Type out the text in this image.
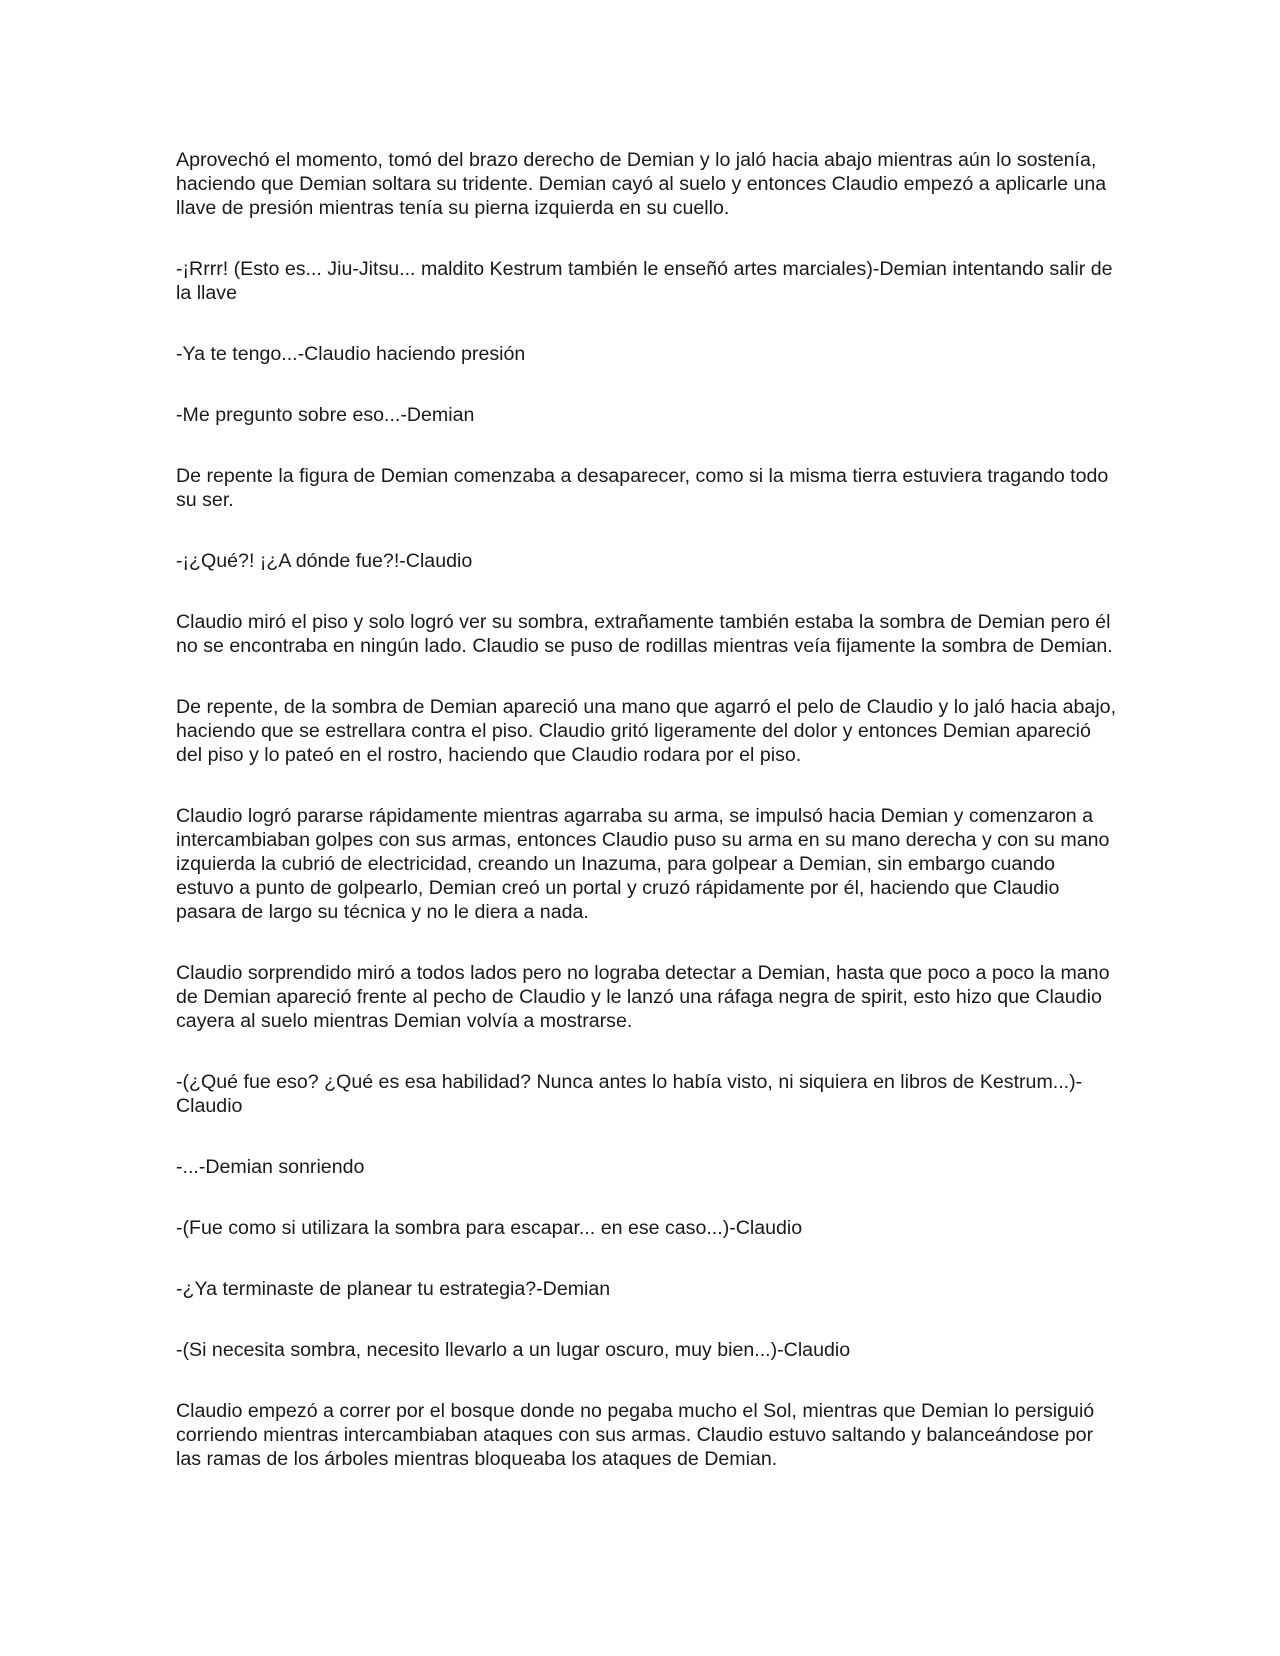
Aprovechó el momento, tomó del brazo derecho de Demian y lo jaló hacia abajo mientras aún lo sostenía, haciendo que Demian soltara su tridente. Demian cayó al suelo y entonces Claudio empezó a aplicarle una llave de presión mientras tenía su pierna izquierda en su cuello.

-¡Rrrr! (Esto es... Jiu-Jitsu... maldito Kestrum también le enseñó artes marciales)-Demian intentando salir de la llave

-Ya te tengo...-Claudio haciendo presión

-Me pregunto sobre eso...-Demian

De repente la figura de Demian comenzaba a desaparecer, como si la misma tierra estuviera tragando todo su ser.

-¡¿Qué?! ¡¿A dónde fue?!-Claudio

Claudio miró el piso y solo logró ver su sombra, extrañamente también estaba la sombra de Demian pero él no se encontraba en ningún lado. Claudio se puso de rodillas mientras veía fijamente la sombra de Demian.

De repente, de la sombra de Demian apareció una mano que agarró el pelo de Claudio y lo jaló hacia abajo, haciendo que se estrellara contra el piso. Claudio gritó ligeramente del dolor y entonces Demian apareció del piso y lo pateó en el rostro, haciendo que Claudio rodara por el piso.

Claudio logró pararse rápidamente mientras agarraba su arma, se impulsó hacia Demian y comenzaron a intercambiaban golpes con sus armas, entonces Claudio puso su arma en su mano derecha y con su mano izquierda la cubrió de electricidad, creando un Inazuma, para golpear a Demian, sin embargo cuando estuvo a punto de golpearlo, Demian creó un portal y cruzó rápidamente por él, haciendo que Claudio pasara de largo su técnica y no le diera a nada.

Claudio sorprendido miró a todos lados pero no lograba detectar a Demian, hasta que poco a poco la mano de Demian apareció frente al pecho de Claudio y le lanzó una ráfaga negra de spirit, esto hizo que Claudio cayera al suelo mientras Demian volvía a mostrarse.

-(¿Qué fue eso? ¿Qué es esa habilidad? Nunca antes lo había visto, ni siquiera en libros de Kestrum...)-Claudio

-...-Demian sonriendo

-(Fue como si utilizara la sombra para escapar... en ese caso...)-Claudio

-¿Ya terminaste de planear tu estrategia?-Demian

-(Si necesita sombra, necesito llevarlo a un lugar oscuro, muy bien...)-Claudio

Claudio empezó a correr por el bosque donde no pegaba mucho el Sol, mientras que Demian lo persiguió corriendo mientras intercambiaban ataques con sus armas. Claudio estuvo saltando y balanceándose por las ramas de los árboles mientras bloqueaba los ataques de Demian.
